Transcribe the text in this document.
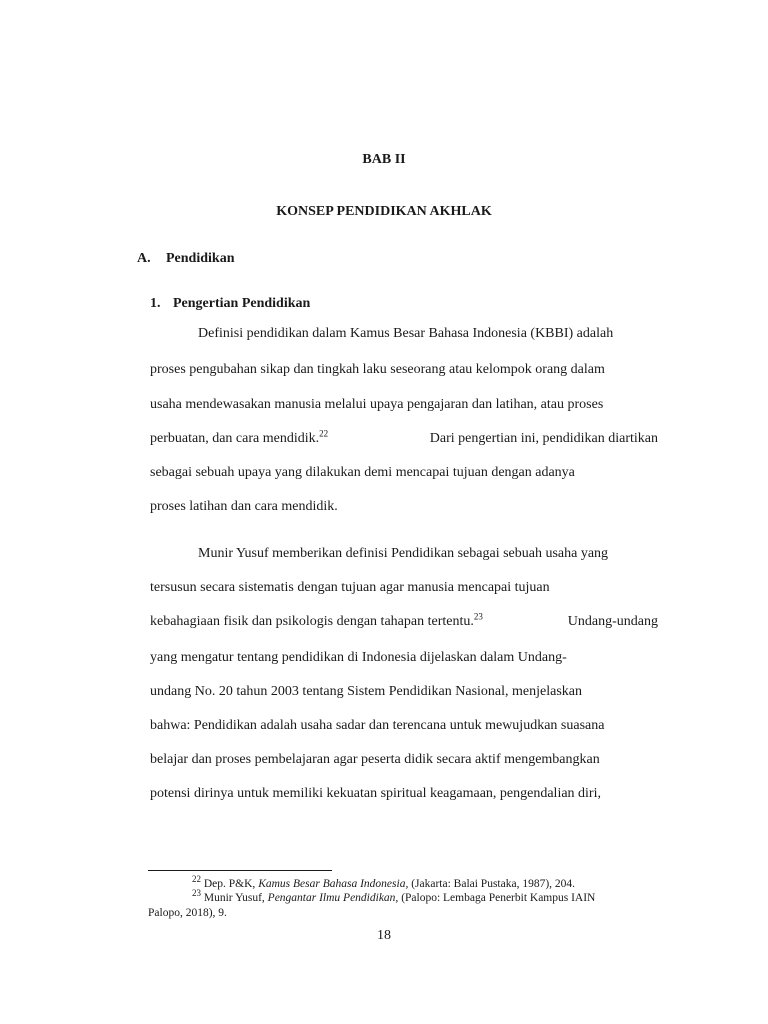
BAB II
KONSEP PENDIDIKAN AKHLAK
A. Pendidikan
1. Pengertian Pendidikan
Definisi pendidikan dalam Kamus Besar Bahasa Indonesia (KBBI) adalah
proses pengubahan sikap dan tingkah laku seseorang atau kelompok orang dalam
usaha mendewasakan manusia melalui upaya pengajaran dan latihan, atau proses
perbuatan, dan cara mendidik.$^{22}$	Dari pengertian ini, pendidikan diartikan
sebagai sebuah upaya yang dilakukan demi mencapai tujuan dengan adanya
proses latihan dan cara mendidik.
Munir Yusuf memberikan definisi Pendidikan sebagai sebuah usaha yang
tersusun secara sistematis dengan tujuan agar manusia mencapai tujuan
kebahagiaan fisik dan psikologis dengan tahapan tertentu.$^{23}$	Undang-undang
yang mengatur tentang pendidikan di Indonesia dijelaskan dalam Undang-
undang No. 20 tahun 2003 tentang Sistem Pendidikan Nasional, menjelaskan
bahwa: Pendidikan adalah usaha sadar dan terencana untuk mewujudkan suasana
belajar dan proses pembelajaran agar peserta didik secara aktif mengembangkan
potensi dirinya untuk memiliki kekuatan spiritual keagamaan, pengendalian diri,
$^{22}$ Dep. P&K, Kamus Besar Bahasa Indonesia, (Jakarta: Balai Pustaka, 1987), 204.
$^{23}$ Munir Yusuf, Pengantar Ilmu Pendidikan, (Palopo: Lembaga Penerbit Kampus IAIN
Palopo, 2018), 9.
18
